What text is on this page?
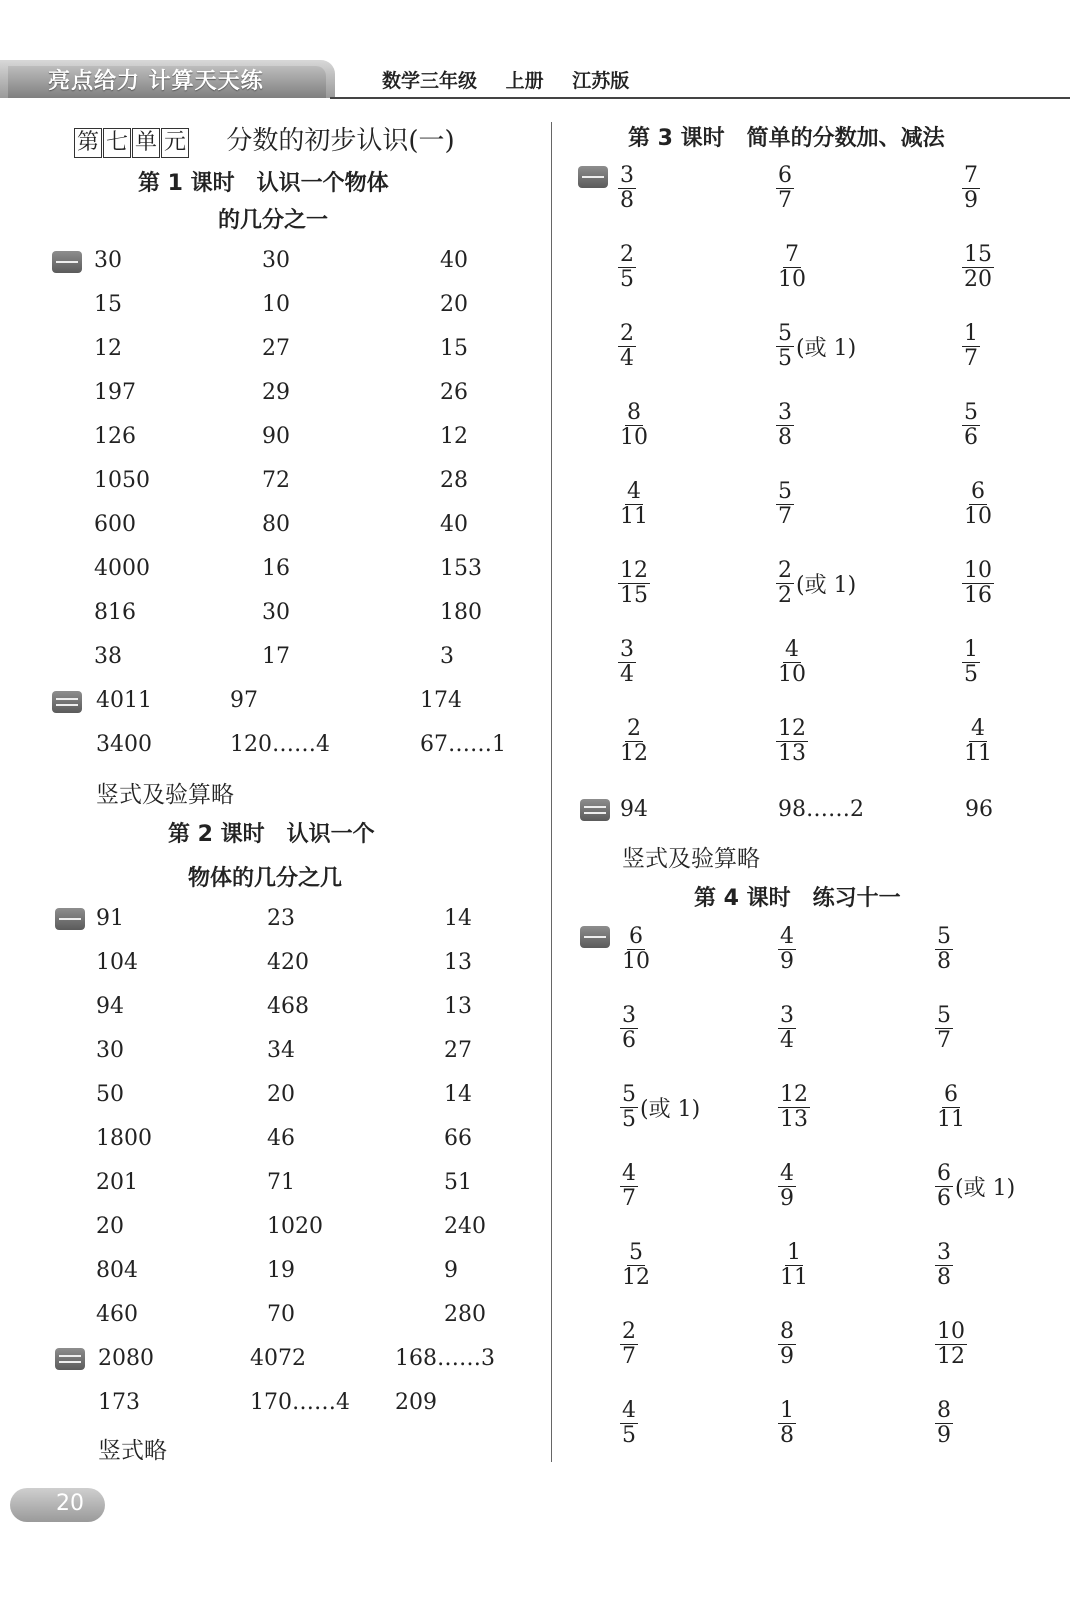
亮点给力 计算天天练	数学三年级 上册 江苏版
第 七 单 元 分数的初步认识(一)
第 1 课时　认识一个物体
的几分之一
第 2 课时　认识一个
物体的几分之几
第 3 课时　简单的分数加、减法
第 4 课时　练习十一
30	30	40
15	10	20
12	27	15
197	29	26
126	90	12
1050	72	28
600	80	40
4000	16	153
816	30	180
38	17	3
4011	97	174
3400	120……4	67……1
竖式及验算略
91	23	14
104	420	13
94	468	13
30	34	27
50	20	14
1800	46	66
201	71	51
20	1020	240
804	19	9
460	70	280
2080	4072	168……3
173	170……4 209
竖式略
$\frac{3}{8}$	$\frac{6}{7}$	$\frac{7}{9}$
$\frac{2}{5}$	$\frac{7}{10}$	$\frac{15}{20}$
$\frac{2}{4}$	$\frac{5}{5}$ (或 1)	$\frac{1}{7}$
$\frac{8}{10}$	$\frac{3}{8}$	$\frac{5}{6}$
$\frac{4}{11}$	$\frac{5}{7}$	$\frac{6}{10}$
$\frac{12}{15}$	$\frac{2}{2}$ (或 1)	$\frac{10}{16}$
$\frac{3}{4}$	$\frac{4}{10}$	$\frac{1}{5}$
$\frac{2}{12}$	$\frac{12}{13}$	$\frac{4}{11}$
94	98……2	96
竖式及验算略
$\frac{6}{10}$	$\frac{4}{9}$	$\frac{5}{8}$
$\frac{3}{6}$	$\frac{3}{4}$	$\frac{5}{7}$
$\frac{5}{5}$ (或 1)	$\frac{12}{13}$	$\frac{6}{11}$
$\frac{4}{7}$	$\frac{4}{9}$	$\frac{6}{6}$ (或 1)
$\frac{5}{12}$	$\frac{1}{11}$	$\frac{3}{8}$
$\frac{2}{7}$	$\frac{8}{9}$	$\frac{10}{12}$
$\frac{4}{5}$	$\frac{1}{8}$	$\frac{8}{9}$
20
